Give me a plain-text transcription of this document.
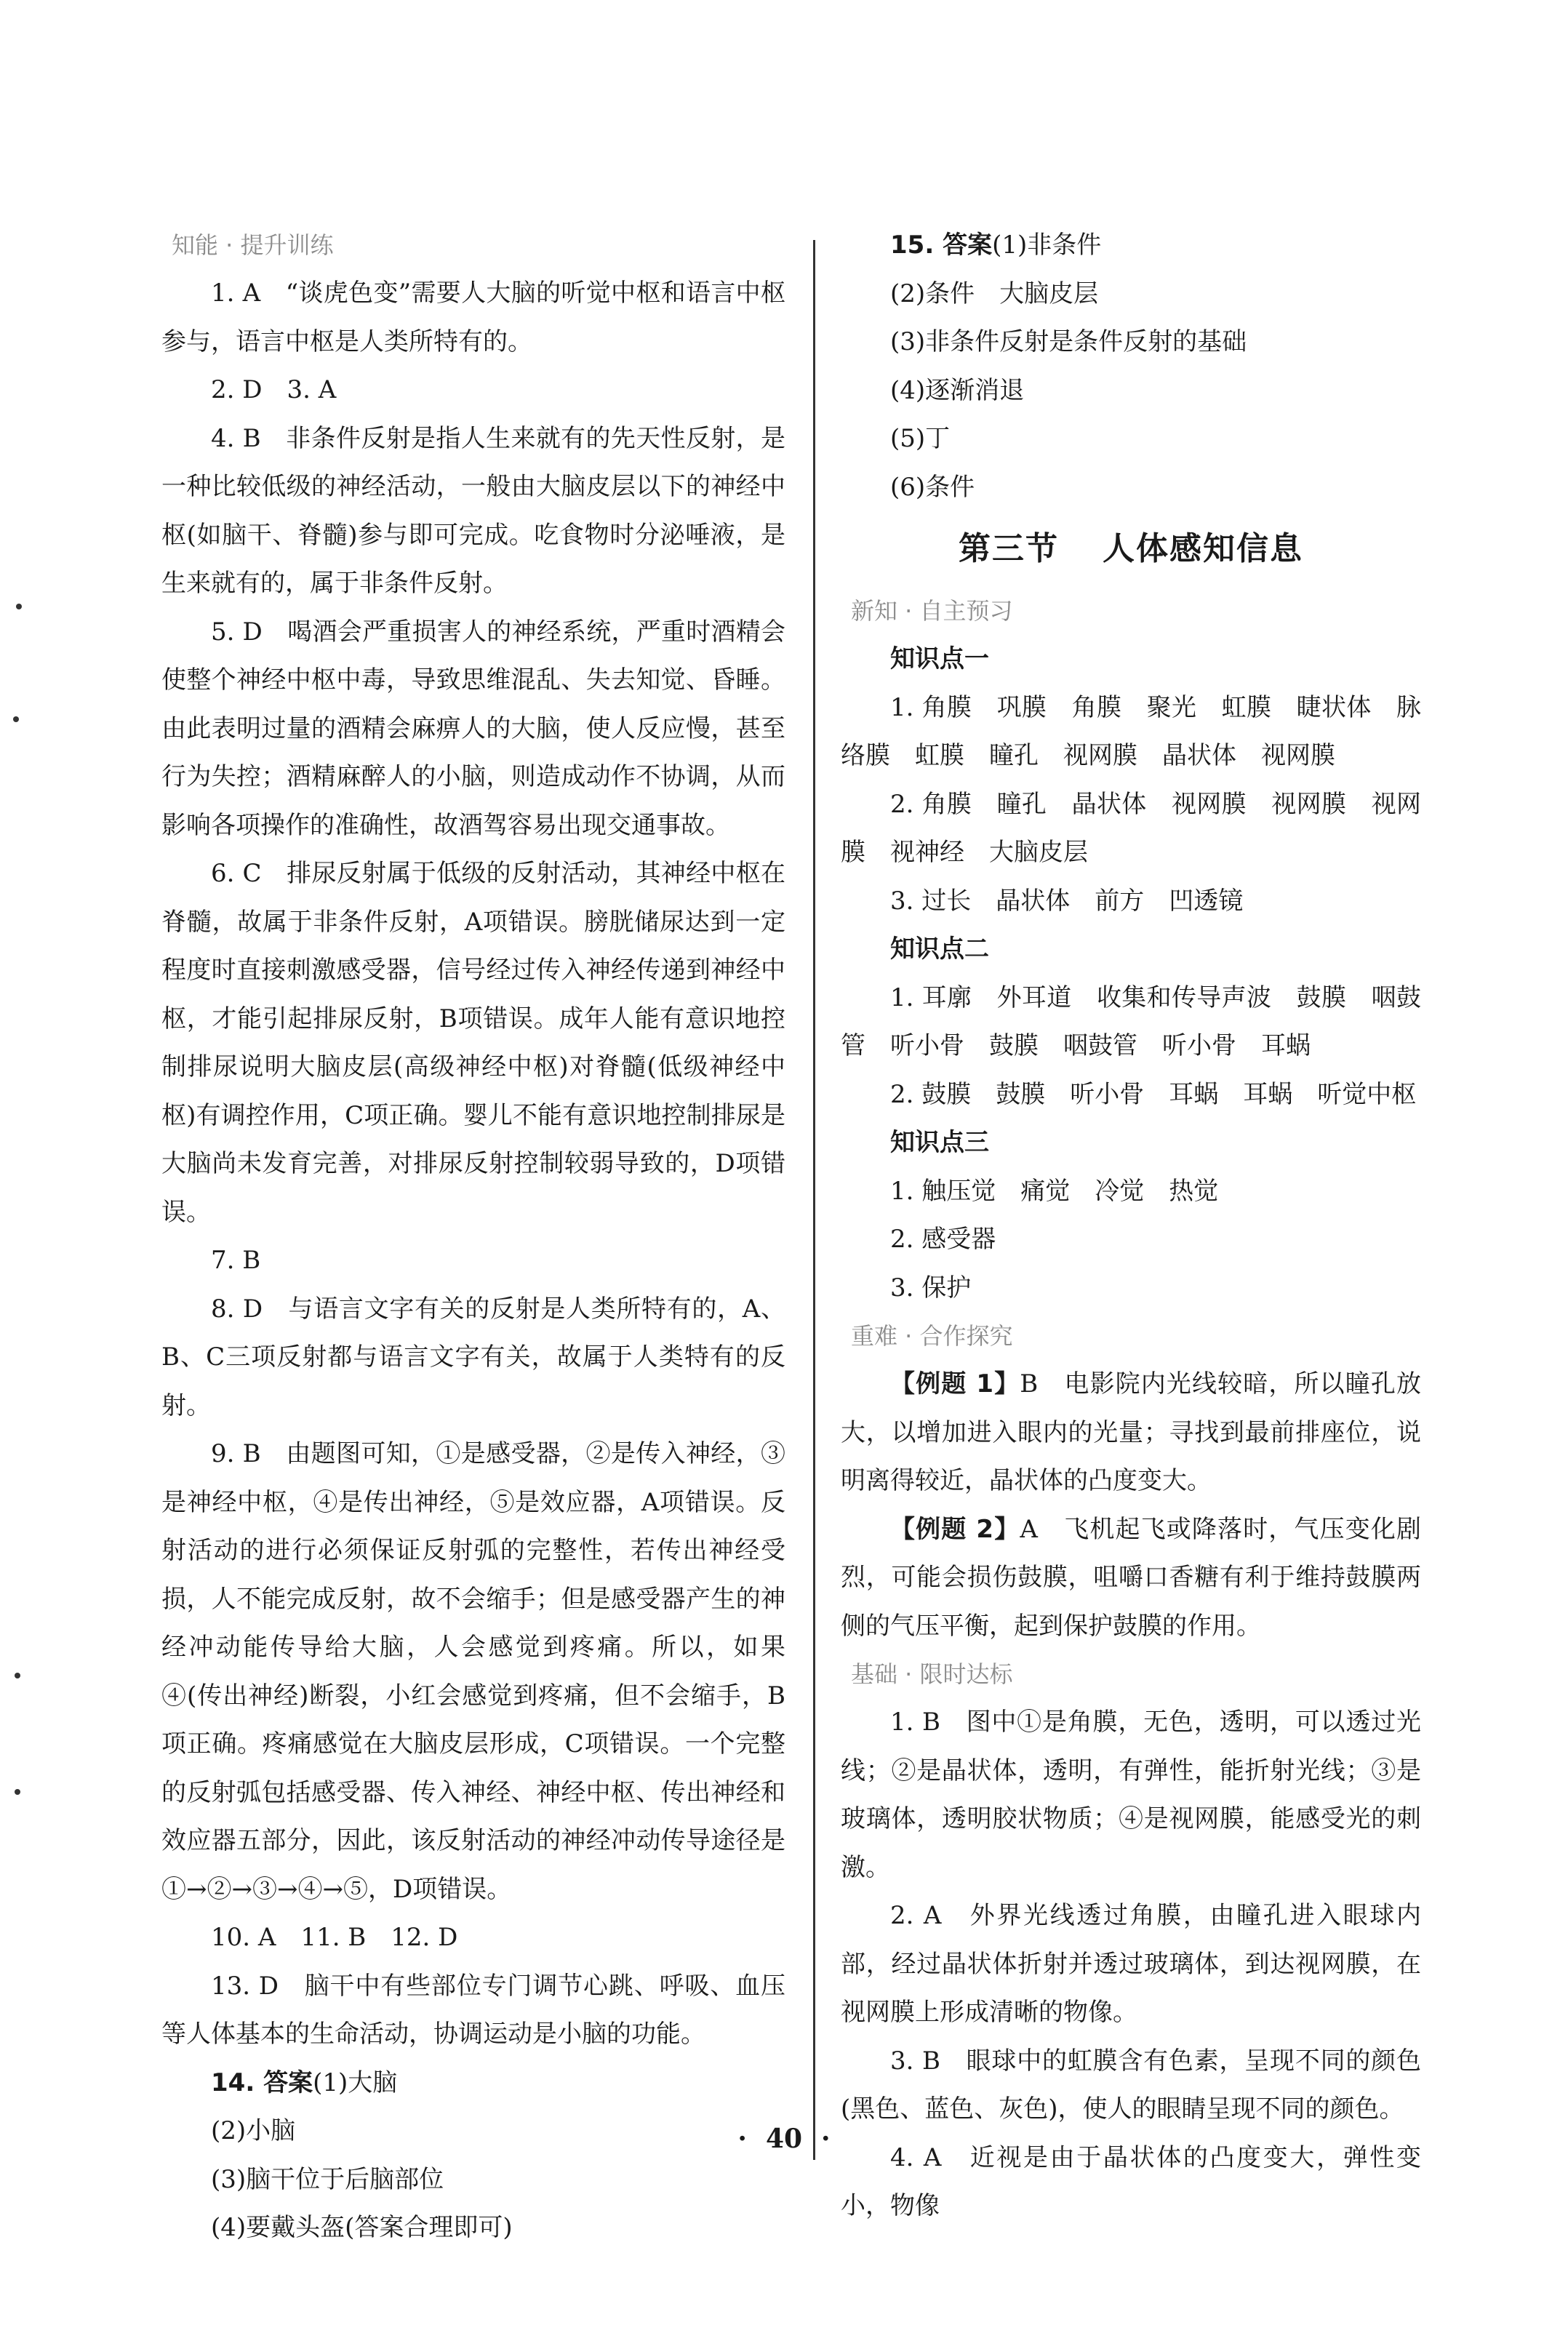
知能 · 提升训练

1. A　“谈虎色变”需要人大脑的听觉中枢和语言中枢参与，语言中枢是人类所特有的。

2. D　3. A

4. B　非条件反射是指人生来就有的先天性反射，是一种比较低级的神经活动，一般由大脑皮层以下的神经中枢(如脑干、脊髓)参与即可完成。吃食物时分泌唾液，是生来就有的，属于非条件反射。

5. D　喝酒会严重损害人的神经系统，严重时酒精会使整个神经中枢中毒，导致思维混乱、失去知觉、昏睡。由此表明过量的酒精会麻痹人的大脑，使人反应慢，甚至行为失控；酒精麻醉人的小脑，则造成动作不协调，从而影响各项操作的准确性，故酒驾容易出现交通事故。

6. C　排尿反射属于低级的反射活动，其神经中枢在脊髓，故属于非条件反射，A项错误。膀胱储尿达到一定程度时直接刺激感受器，信号经过传入神经传递到神经中枢，才能引起排尿反射，B项错误。成年人能有意识地控制排尿说明大脑皮层(高级神经中枢)对脊髓(低级神经中枢)有调控作用，C项正确。婴儿不能有意识地控制排尿是大脑尚未发育完善，对排尿反射控制较弱导致的，D项错误。

7. B

8. D　与语言文字有关的反射是人类所特有的，A、B、C三项反射都与语言文字有关，故属于人类特有的反射。

9. B　由题图可知，①是感受器，②是传入神经，③是神经中枢，④是传出神经，⑤是效应器，A项错误。反射活动的进行必须保证反射弧的完整性，若传出神经受损，人不能完成反射，故不会缩手；但是感受器产生的神经冲动能传导给大脑，人会感觉到疼痛。所以，如果④(传出神经)断裂，小红会感觉到疼痛，但不会缩手，B项正确。疼痛感觉在大脑皮层形成，C项错误。一个完整的反射弧包括感受器、传入神经、神经中枢、传出神经和效应器五部分，因此，该反射活动的神经冲动传导途径是①→②→③→④→⑤，D项错误。

10. A　11. B　12. D

13. D　脑干中有些部位专门调节心跳、呼吸、血压等人体基本的生命活动，协调运动是小脑的功能。

14. 答案(1)大脑

(2)小脑

(3)脑干位于后脑部位

(4)要戴头盔(答案合理即可)

15. 答案(1)非条件

(2)条件　大脑皮层

(3)非条件反射是条件反射的基础

(4)逐渐消退

(5)丁

(6)条件

第三节 人体感知信息

新知 · 自主预习

知识点一

1. 角膜　巩膜　角膜　聚光　虹膜　睫状体　脉络膜　虹膜　瞳孔　视网膜　晶状体　视网膜

2. 角膜　瞳孔　晶状体　视网膜　视网膜　视网膜　视神经　大脑皮层

3. 过长　晶状体　前方　凹透镜

知识点二

1. 耳廓　外耳道　收集和传导声波　鼓膜　咽鼓管　听小骨　鼓膜　咽鼓管　听小骨　耳蜗

2. 鼓膜　鼓膜　听小骨　耳蜗　耳蜗　听觉中枢

知识点三

1. 触压觉　痛觉　冷觉　热觉

2. 感受器

3. 保护

重难 · 合作探究

【例题 1】B　电影院内光线较暗，所以瞳孔放大，以增加进入眼内的光量；寻找到最前排座位，说明离得较近，晶状体的凸度变大。

【例题 2】A　飞机起飞或降落时，气压变化剧烈，可能会损伤鼓膜，咀嚼口香糖有利于维持鼓膜两侧的气压平衡，起到保护鼓膜的作用。

基础 · 限时达标

1. B　图中①是角膜，无色，透明，可以透过光线；②是晶状体，透明，有弹性，能折射光线；③是玻璃体，透明胶状物质；④是视网膜，能感受光的刺激。

2. A　外界光线透过角膜，由瞳孔进入眼球内部，经过晶状体折射并透过玻璃体，到达视网膜，在视网膜上形成清晰的物像。

3. B　眼球中的虹膜含有色素，呈现不同的颜色(黑色、蓝色、灰色)，使人的眼睛呈现不同的颜色。

4. A　近视是由于晶状体的凸度变大，弹性变小，物像

· 40 ·
